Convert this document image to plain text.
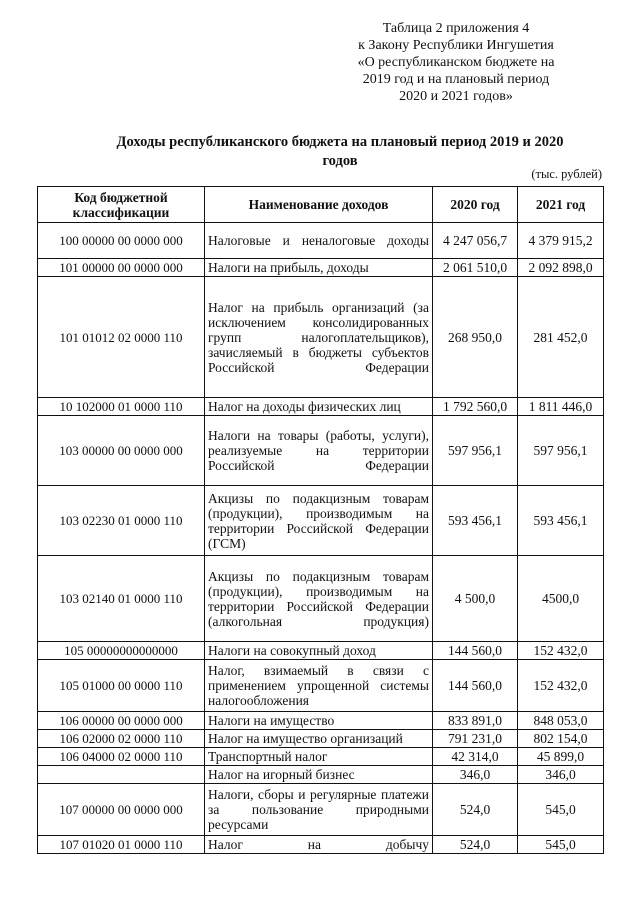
Таблица 2 приложения 4
к Закону Республики Ингушетия
«О республиканском бюджете на
2019 год и на плановый период
2020 и 2021 годов»
Доходы республиканского бюджета на плановый период 2019 и 2020
годов
(тыс. рублей)
Код бюджетной классификации	Наименование доходов	2020 год	2021 год
100 00000 00 0000 000	Налоговые и неналоговые доходы	4 247 056,7	4 379 915,2
101 00000 00 0000 000	Налоги на прибыль, доходы	2 061 510,0	2 092 898,0
101 01012 02 0000 110	Налог на прибыль организаций (за исключением консолидированных групп налогоплательщиков), зачисляемый в бюджеты субъектов Российской Федерации	268 950,0	281 452,0
10 102000 01 0000 110	Налог на доходы физических лиц	1 792 560,0	1 811 446,0
103 00000 00 0000 000	Налоги на товары (работы, услуги), реализуемые на территории Российской Федерации	597 956,1	597 956,1
103 02230 01 0000 110	Акцизы по подакцизным товарам (продукции), производимым на территории Российской Федерации (ГСМ)	593 456,1	593 456,1
103 02140 01 0000 110	Акцизы по подакцизным товарам (продукции), производимым на территории Российской Федерации (алкогольная продукция)	4 500,0	4500,0
105 00000000000000	Налоги на совокупный доход	144 560,0	152 432,0
105 01000 00 0000 110	Налог, взимаемый в связи с применением упрощенной системы налогообложения	144 560,0	152 432,0
106 00000 00 0000 000	Налоги на имущество	833 891,0	848 053,0
106 02000 02 0000 110	Налог на имущество организаций	791 231,0	802 154,0
106 04000 02 0000 110	Транспортный налог	42 314,0	45 899,0
	Налог на игорный бизнес	346,0	346,0
107 00000 00 0000 000	Налоги, сборы и регулярные платежи за пользование природными ресурсами	524,0	545,0
107 01020 01 0000 110	Налог на добычу	524,0	545,0
